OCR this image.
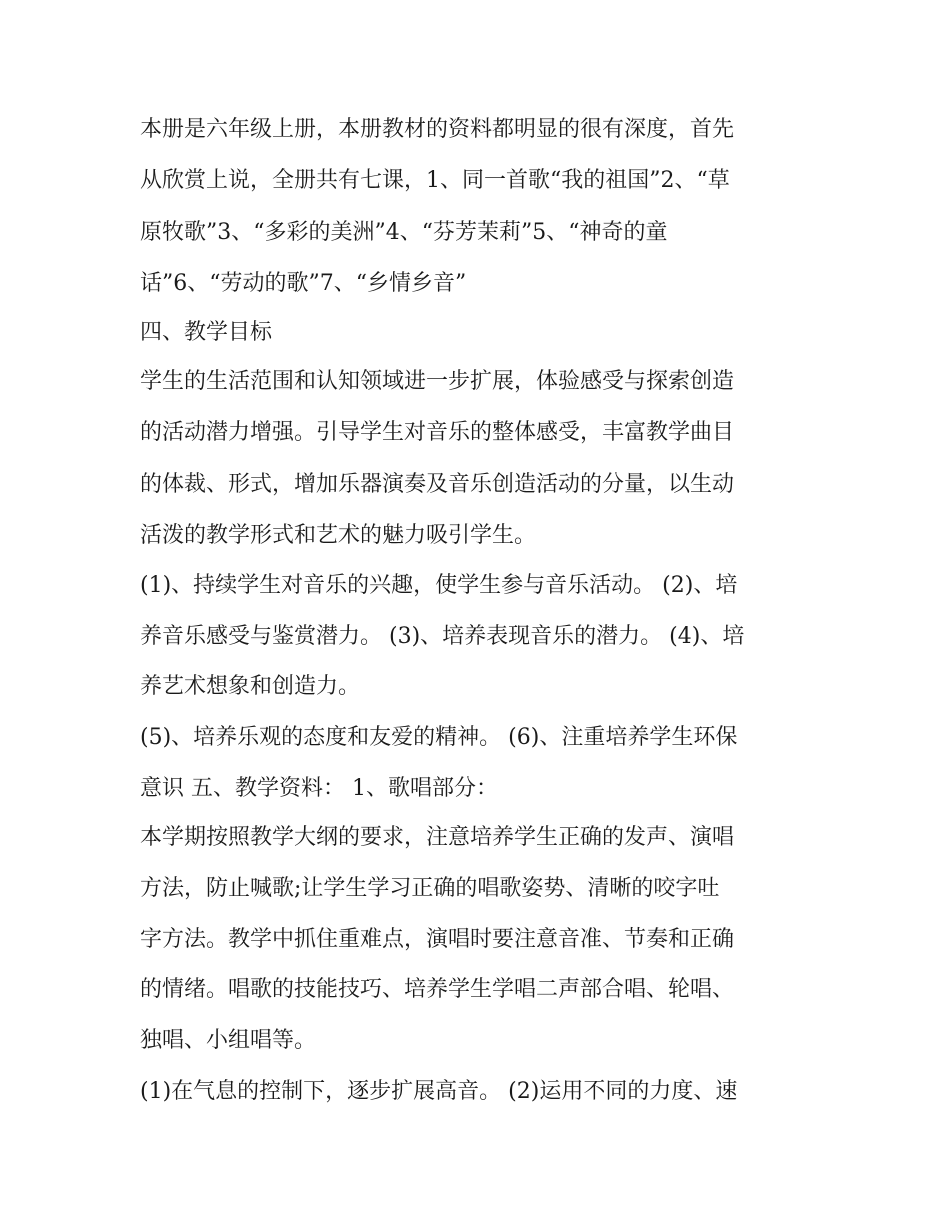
本册是六年级上册，本册教材的资料都明显的很有深度，首先
从欣赏上说，全册共有七课，1、同一首歌“我的祖国”2、“草
原牧歌”3、“多彩的美洲”4、“芬芳茉莉”5、“神奇的童
话”6、“劳动的歌”7、“乡情乡音”
四、教学目标
学生的生活范围和认知领域进一步扩展，体验感受与探索创造
的活动潜力增强。引导学生对音乐的整体感受，丰富教学曲目
的体裁、形式，增加乐器演奏及音乐创造活动的分量，以生动
活泼的教学形式和艺术的魅力吸引学生。
(1)、持续学生对音乐的兴趣，使学生参与音乐活动。 (2)、培
养音乐感受与鉴赏潜力。 (3)、培养表现音乐的潜力。 (4)、培
养艺术想象和创造力。
(5)、培养乐观的态度和友爱的精神。 (6)、注重培养学生环保
意识 五、教学资料： 1、歌唱部分：
本学期按照教学大纲的要求，注意培养学生正确的发声、演唱
方法，防止喊歌;让学生学习正确的唱歌姿势、清晰的咬字吐
字方法。教学中抓住重难点，演唱时要注意音准、节奏和正确
的情绪。唱歌的技能技巧、培养学生学唱二声部合唱、轮唱、
独唱、小组唱等。
(1)在气息的控制下，逐步扩展高音。 (2)运用不同的力度、速
